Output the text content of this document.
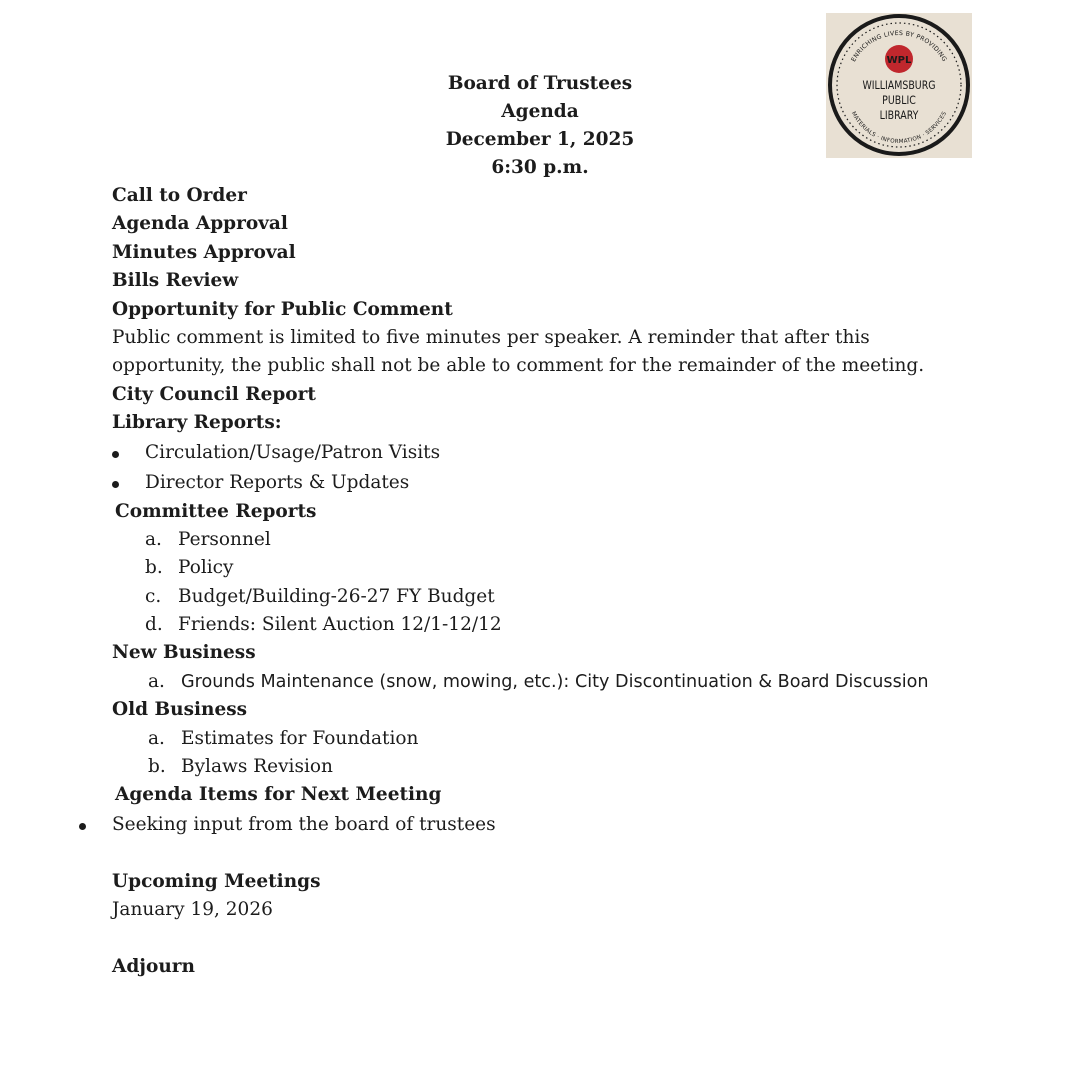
ENRICHING LIVES BY PROVIDING
MATERIALS · INFORMATION · SERVICES
WPL
WILLIAMSBURG
PUBLIC
LIBRARY
Board of Trustees
Agenda
December 1, 2025
6:30 p.m.
Call to Order
Agenda Approval
Minutes Approval
Bills Review
Opportunity for Public Comment
Public comment is limited to five minutes per speaker. A reminder that after this
opportunity, the public shall not be able to comment for the remainder of the meeting.
City Council Report
Library Reports:
Circulation/Usage/Patron Visits
Director Reports & Updates
Committee Reports
a. Personnel
b. Policy
c. Budget/Building-26-27 FY Budget
d. Friends: Silent Auction 12/1-12/12
New Business
a. Grounds Maintenance (snow, mowing, etc.): City Discontinuation & Board Discussion
Old Business
a. Estimates for Foundation
b. Bylaws Revision
Agenda Items for Next Meeting
Seeking input from the board of trustees
Upcoming Meetings
January 19, 2026
Adjourn
